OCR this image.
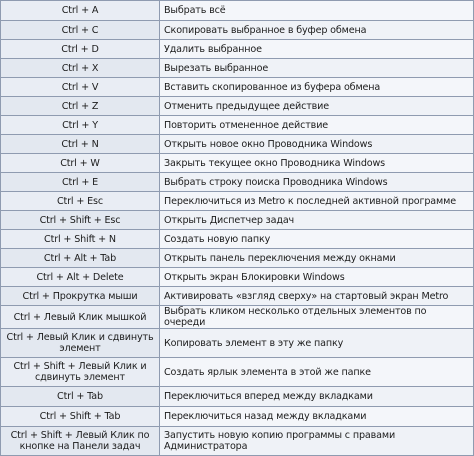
Ctrl + A	Выбрать всё
Ctrl + C	Скопировать выбранное в буфер обмена
Ctrl + D	Удалить выбранное
Ctrl + X	Вырезать выбранное
Ctrl + V	Вставить скопированное из буфера обмена
Ctrl + Z	Отменить предыдущее действие
Ctrl + Y	Повторить отмененное действие
Ctrl + N	Открыть новое окно Проводника Windows
Ctrl + W	Закрыть текущее окно Проводника Windows
Ctrl + E	Выбрать строку поиска Проводника Windows
Ctrl + Esc	Переключиться из Metro к последней активной программе
Ctrl + Shift + Esc	Открыть Диспетчер задач
Ctrl + Shift + N	Создать новую папку
Ctrl + Alt + Tab	Открыть панель переключения между окнами
Ctrl + Alt + Delete	Открыть экран Блокировки Windows
Ctrl + Прокрутка мыши	Активировать «взгляд сверху» на стартовый экран Metro
Ctrl + Левый Клик мышкой	Выбрать кликом несколько отдельных элементов по очереди
Ctrl + Левый Клик и сдвинуть элемент	Копировать элемент в эту же папку
Ctrl + Shift + Левый Клик и сдвинуть элемент	Создать ярлык элемента в этой же папке
Ctrl + Tab	Переключиться вперед между вкладками
Ctrl + Shift + Tab	Переключиться назад между вкладками
Ctrl + Shift + Левый Клик по кнопке на Панели задач	Запустить новую копию программы с правами Администратора
